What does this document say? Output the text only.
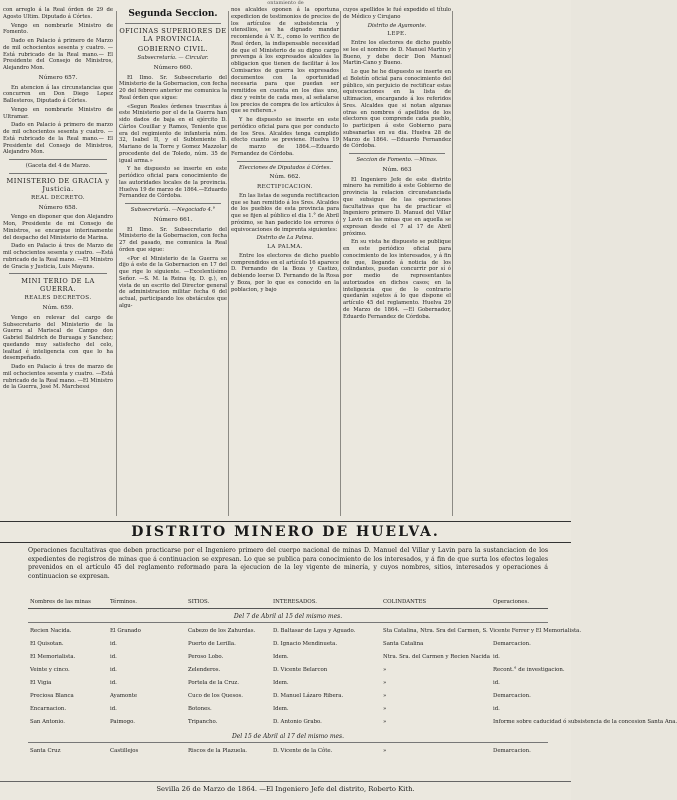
ontamiento de

con arreglo á la Real órden de 29 de Agosto Ultim. Diputado á Córtes.

Vengo en nombrarle Ministro de Fomento.

Dado en Palacio á primero de Marzo de mil ochocientos sesenta y cuatro. —Está rubricado de la Real mano.— El Presidente del Consejo de Ministros, Alejandro Mon.

Número 657.

En atencion á las circunstancias que concurren en Don Diego Lopez Ballesteros, Diputado á Córtes.

Vengo en nombrarle Ministro de Ultramar.

Dado en Palacio á primero de marzo de mil ochocientos sesenta y cuatro. —Está rubricado de la Real mano.— El Presidente del Consejo de Ministros, Alejandro Mon.

(Gaceta del 4 de Marzo.
MINISTERIO DE GRACIA y Justicia.
REAL DECRETO.
Número 658.

Vengo en disponer que don Alejandro Mon, Presidente de mi Consejo de Ministros, se encargue interinamente del despacho del Ministerio de Marina.

Dado en Palacio á tres de Marzo de mil ochocientos sesenta y cuatro. —Está rubricado de la Real mano. —El Ministro de Gracia y Justicia, Luis Mayans.

MINI TERIO DE LA GUERRA.
REALES DECRETOS.
Núm. 659.

Vengo en relevar del cargo de Subsecretario del Ministerio de la Guerra al Mariscal de Campo don Gabriel Baldrich de Buruaga y Sanchez; quedando muy satisfecho del celo, lealtad é inteligencia con que lo ha desempeñado.

Dado en Palacio á tres de marzo de mil ochocientos sesenta y cuatro. —Está rubricado de la Real mano. —El Ministro de la Guerra, José M. Marchessi

Segunda Seccion.
OFICINAS SUPERIORES DE LA PROVINCIA.
GOBIERNO CIVIL.
Subsecretaría. — Circular.
Número 660.

El Ilmo. Sr. Subsecretario del Ministerio de la Gobernacion, con fecha 20 del febrero anterior me comunica la Real órden que sigue:

«Segun Reales órdenes trascritas á este Ministerio por el de la Guerra han sido dados de baja en el ejército D. Cárlos Couillar y Ramos, Teniente que era del regimiento de infantería núm. 32, Isabel II, y el Subteniente D. Mariano de la Torre y Gomez Mazzolar procedente del de Toledo, núm. 35 de igual arma.»

Y he dispuesto se inserte en este periódico oficial para conocimiento de las autoridades locales de la provincia. Huelva 19 de marzo de 1864.—Eduardo Fernandez de Córdoba.

Subsecretaría. —Negociado 4.°
Número 661.

El Ilmo. Sr. Subsecretario del Ministerio de la Gobernacion, con fecha 27 del pasado, me comunica la Real órden que sigue:

«Por el Ministerio de la Guerra se dijo á este de la Gobernacion en 17 del que rige lo siguiente. —Excelentísimo Señor. —S. M. la Reina (q. D. g.), en vista de un escrito del Director general de administracion militar fecha 6 del actual, participando los obstáculos que algu-

nos alcaldes oponen á la oportuna expedicion de testimonios de precios de los artículos de subsistencia y utensilios, se ha dignado mandar recomiende á V. E., como lo verifico de Real órden, la indispensable necesidad de que el Ministerio de su digno cargo prevenga á los expresados alcaldes la obligacion que tienen de facilitar á los Comisarios de guerra los expresados documentos con la oportunidad necesaria para que puedan ser remitidos en cuenta en los dias uno, diez y veinte de cada mes, al señalarse los precios de compra de los artículos á que se refieren.»

Y he dispuesto se inserte en este periódico oficial para que por conducto de los Sres. Alcaldes tenga cumplido efecto cuanto se previene. Huelva 19 de marzo de 1864.—Eduardo Fernandez de Córdoba.

Elecciones de Diputados á Córtes.
Núm. 662.
RECTIFICACION.

En las listas de segunda rectificacion que se han remitido á los Sres. Alcaldes de los pueblos de esta provincia para que se fijen al público el dia 1.° de Abril próximo, se han padecido los errores ó equivocaciones de imprenta siguientes:

Distrito de La Palma.
LA PALMA.

Entre los electores de dicho pueblo comprendidos en el artículo 16 aparece D. Fernando de la Boza y Castizo, debiendo leerse D. Fernando de la Rosa y Boza, por lo que es conocido en la poblacion, y bajo

cuyos apellidos le fué expedido el título de Médico y Cirujano

Distrito de Ayamonte.
LEPE.

Entre los electores de dicho pueblo se lee el nombre de D. Manuel Martin y Bueno, y debe decir Don Manuel Martin-Cano y Bueno.

Lo que he he dispuesto se inserte en el Boletín oficial para conocimiento del público, sin perjuicio de rectificar estas equivocaciones en la lista de ultimacion, encargando á los referidos Sres. Alcaldes que si notan algunas otras en nombres ó apellidos de los electores que comprende cada pueblo, lo participen á este Gobierno para subsanarlas en su dia. Huelva 28 de Marzo de 1864. —Eduardo Fernandez de Córdoba.

Seccion de Fomento. —Minas.
Núm. 663

El Ingeniero Jefe de este distrito minero ha remitido á este Gobierno de provincia la relacion circunstanciada que subsigue de las operaciones facultativas que ha de practicar el Ingeniero primero D. Manuel del Villar y Lavin en las minas que en aquella se expresan desde el 7 al 17 de Abril próximo.

En su vista he dispuesto se publique en este periódico oficial para conocimiento de los interesados, y á fin de que, llegando á noticia de los colindantes, puedan concurrir por sí ó por medio de representantes autorizados en dichos casos; en la inteligencia que de lo contrario quedarán sujetos á lo que dispone el artículo 45 del reglamento. Huelva 29 de Marzo de 1864. —El Gobernador, Eduardo Fernandez de Córdoba.

DISTRITO MINERO DE HUELVA.
Operaciones facultativas que deben practicarse por el Ingeniero primero del cuerpo nacional de minas D. Manuel del Villar y Lavin para la sustanciacion de los expedientes de registros de minas que á continuacion se expresan. Lo que se publica para conocimiento de los interesados, y á fin de que surta los efectos legales prevenidos en el artículo 45 del reglamento reformado para la ejecucion de la ley vigente de minería, y cuyos nombres, sitios, interesados y operaciones á continuacion se expresan.
Nombres de las minas	Términos.	SITIOS.	INTERESADOS.	COLINDANTES	Operaciones.
Del 7 de Abril al 15 del mismo mes.
Recien Nacida.	El Granado	Cabezo de los Zahurdas.	D. Baltasar de Laya y Aguado.	Sta Catalina, Ntra. Sra del Carmen, S. Vicente Ferrer y El Memorialista.
El Quisotan.	id.	Puerto de Lerilla.	D. Ignacio Mendinueta.	Santa Catalina	Demarcacion.
El Memorialista.	id.	Peroso Lobo.	Idem.	Ntra. Sra. del Carmen y Recien Nacida id.
Veinte y cinco.	id.	Zelenderos.	D. Vicente Belarcon	»	Recont.° de investigacion.
El Vigia	id.	Portela de la Cruz.	Idem.	»	id.
Preciosa Blanca	Ayamonte	Cuco de los Quesos.	D. Manuel Lázaro Ribera.	»	Demarcacion.
Encarnacion.	id.	Botones.	Idem.	»	id.
San Antonio.	Paimogo.	Tripancho.	D. Antonio Grabo.	»	Informe sobre caducidad ó subsistencia de la concesion Santa Ana.
Del 15 de Abril al 17 del mismo mes.
Santa Cruz	Castillejos	Riscos de la Plazuela.	D. Vicente de la Côte.	»	Demarcacion.
Sevilla 26 de Marzo de 1864. —El Ingeniero Jefe del distrito, Roberto Kith.
